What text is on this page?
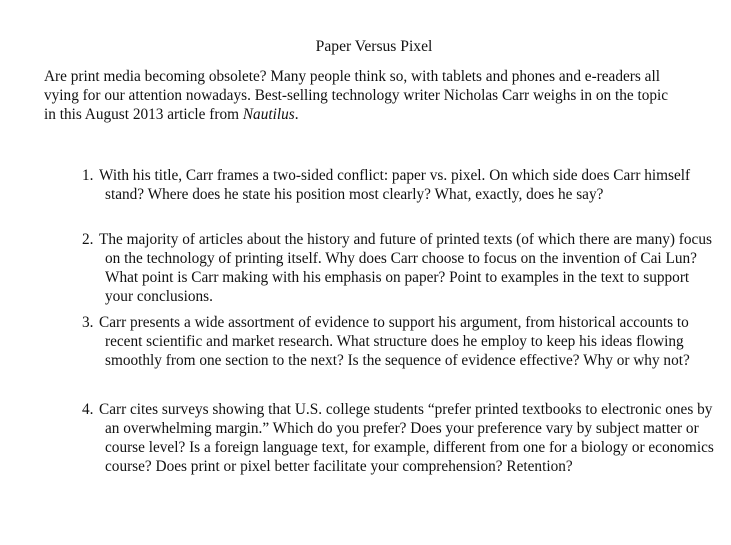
Paper Versus Pixel

Are print media becoming obsolete? Many people think so, with tablets and phones and e-readers all vying for our attention nowadays. Best-selling technology writer Nicholas Carr weighs in on the topic in this August 2013 article from Nautilus.

1. With his title, Carr frames a two-sided conflict: paper vs. pixel. On which side does Carr himself stand? Where does he state his position most clearly? What, exactly, does he say?
2. The majority of articles about the history and future of printed texts (of which there are many) focus on the technology of printing itself. Why does Carr choose to focus on the invention of Cai Lun? What point is Carr making with his emphasis on paper? Point to examples in the text to support your conclusions.
3. Carr presents a wide assortment of evidence to support his argument, from historical accounts to recent scientific and market research. What structure does he employ to keep his ideas flowing smoothly from one section to the next? Is the sequence of evidence effective? Why or why not?
4. Carr cites surveys showing that U.S. college students “prefer printed textbooks to electronic ones by an overwhelming margin.” Which do you prefer? Does your preference vary by subject matter or course level? Is a foreign language text, for example, different from one for a biology or economics course? Does print or pixel better facilitate your comprehension? Retention?
